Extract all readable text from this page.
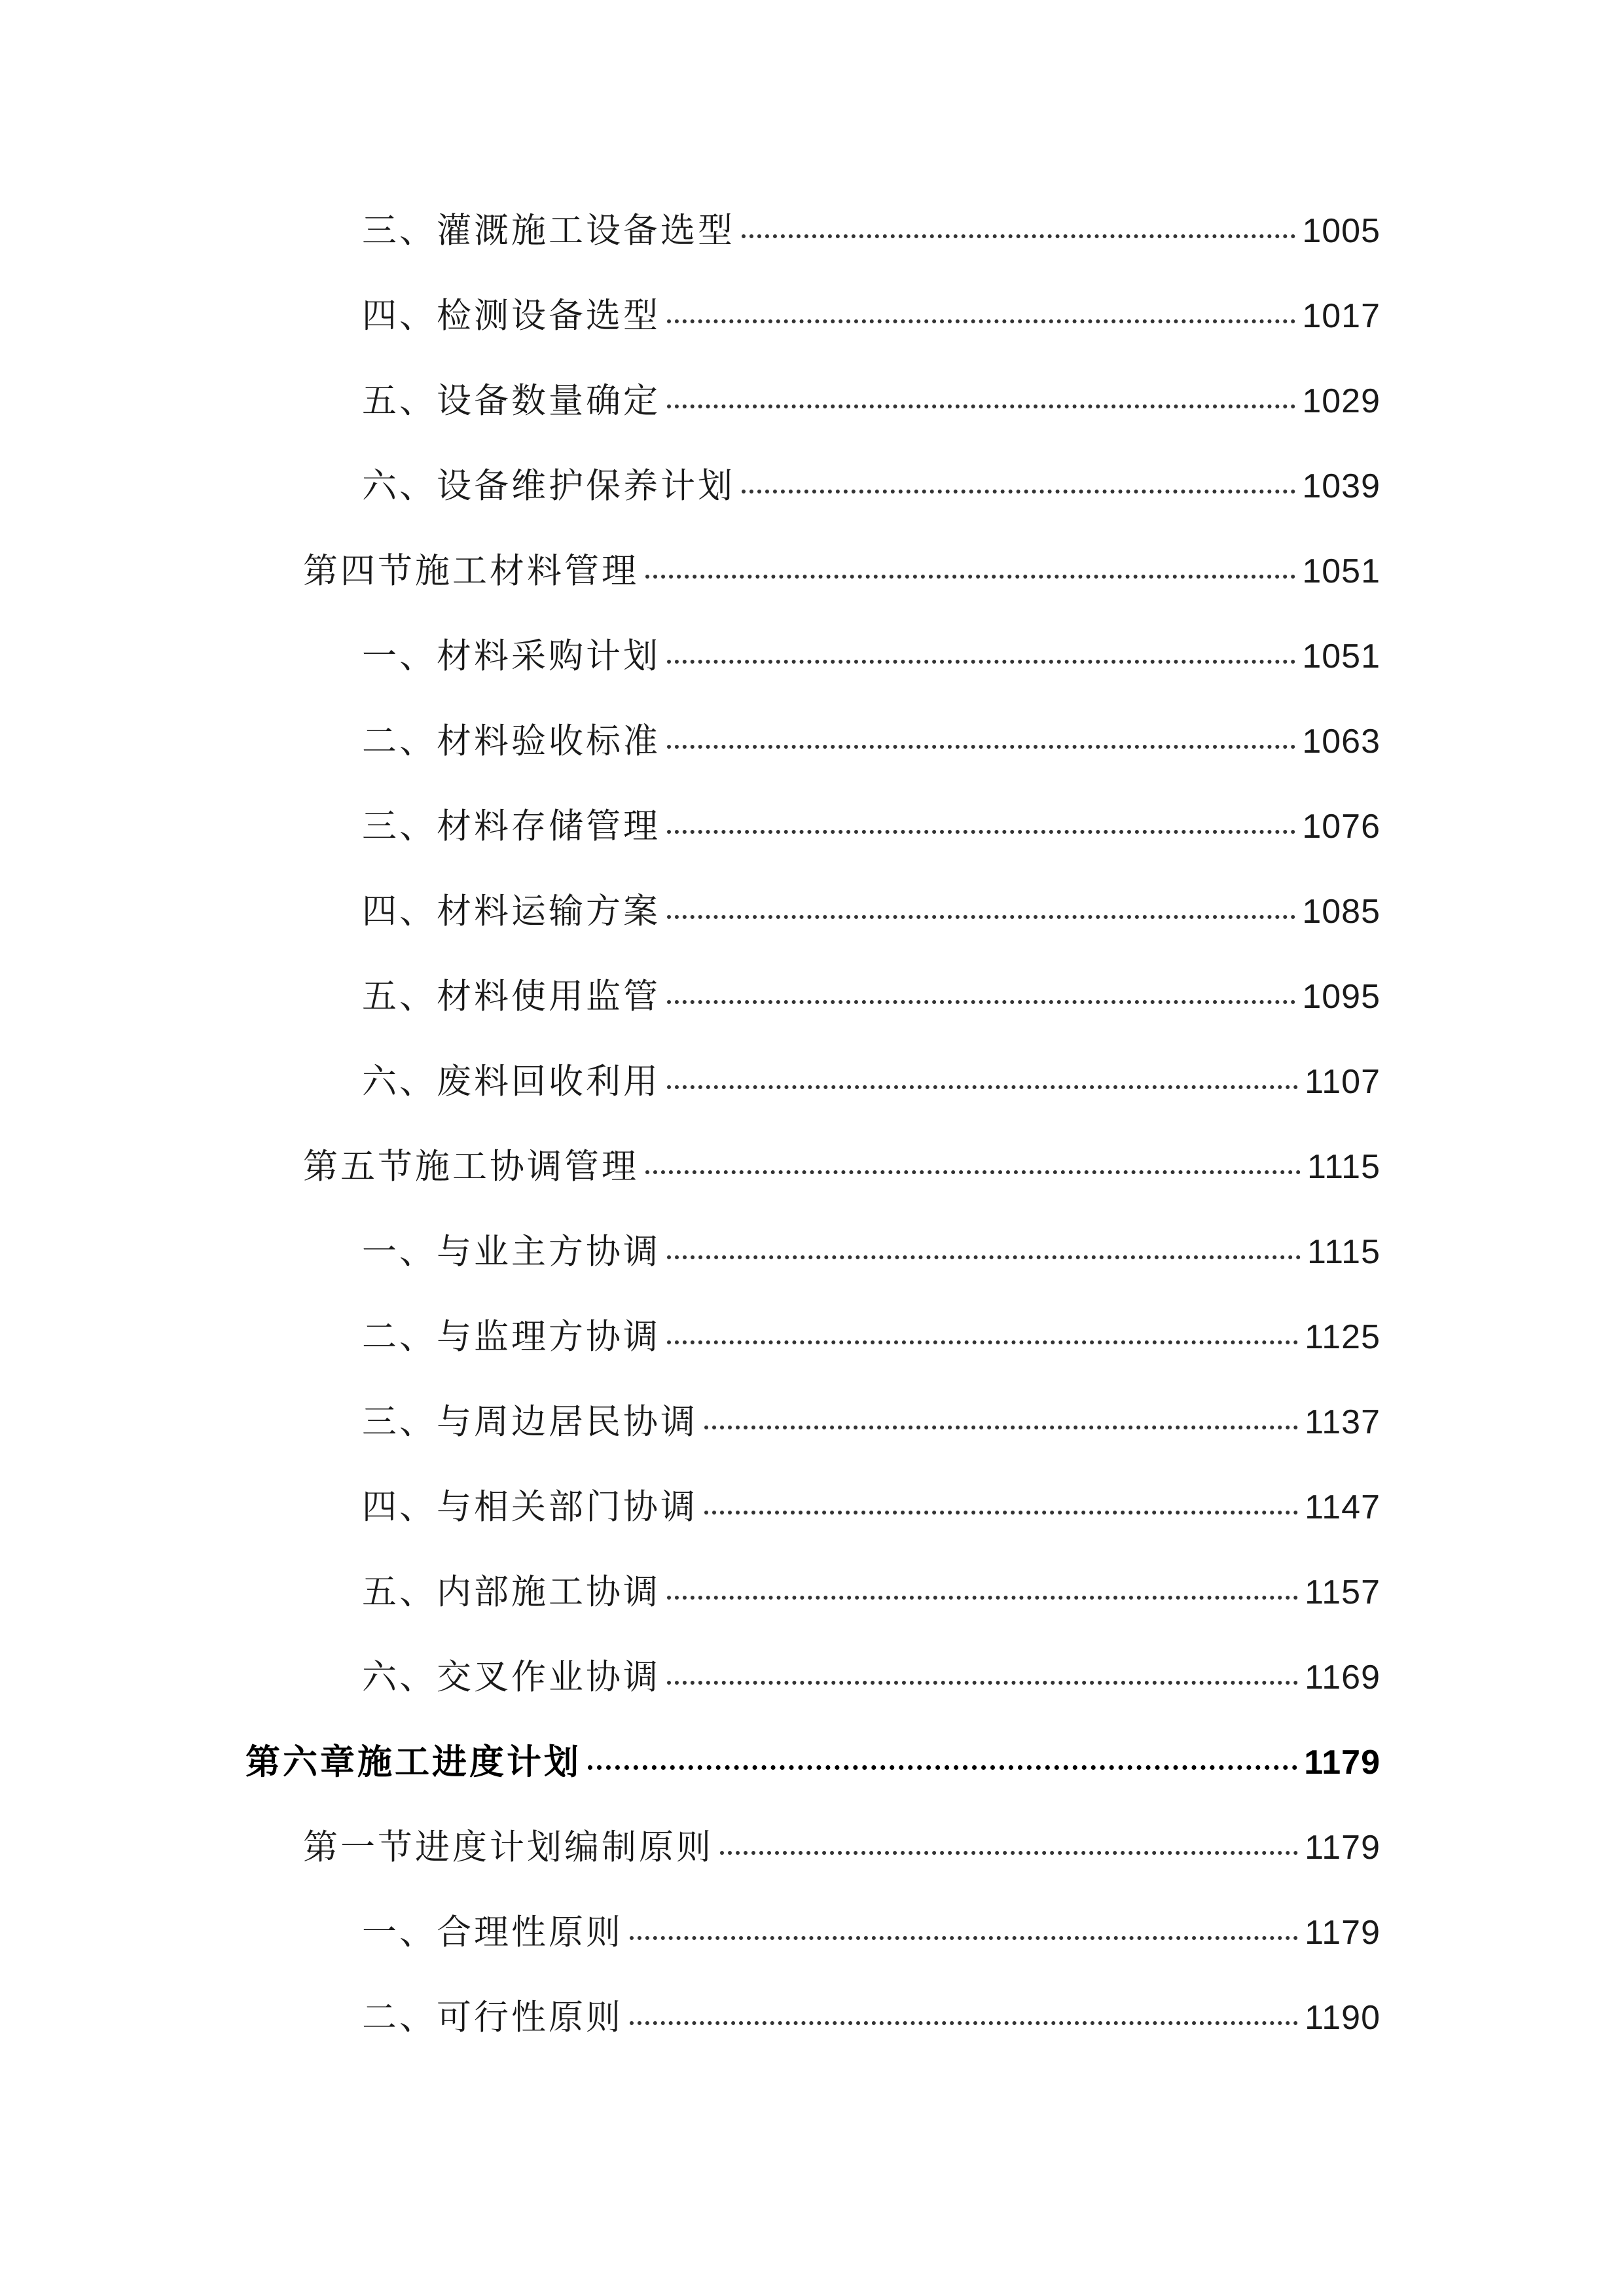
三、灌溉施工设备选型	1005
四、检测设备选型	1017
五、设备数量确定	1029
六、设备维护保养计划	1039
第四节施工材料管理	1051
一、材料采购计划	1051
二、材料验收标准	1063
三、材料存储管理	1076
四、材料运输方案	1085
五、材料使用监管	1095
六、废料回收利用	1107
第五节施工协调管理	1115
一、与业主方协调	1115
二、与监理方协调	1125
三、与周边居民协调	1137
四、与相关部门协调	1147
五、内部施工协调	1157
六、交叉作业协调	1169
第六章施工进度计划	1179
第一节进度计划编制原则	1179
一、合理性原则	1179
二、可行性原则	1190
